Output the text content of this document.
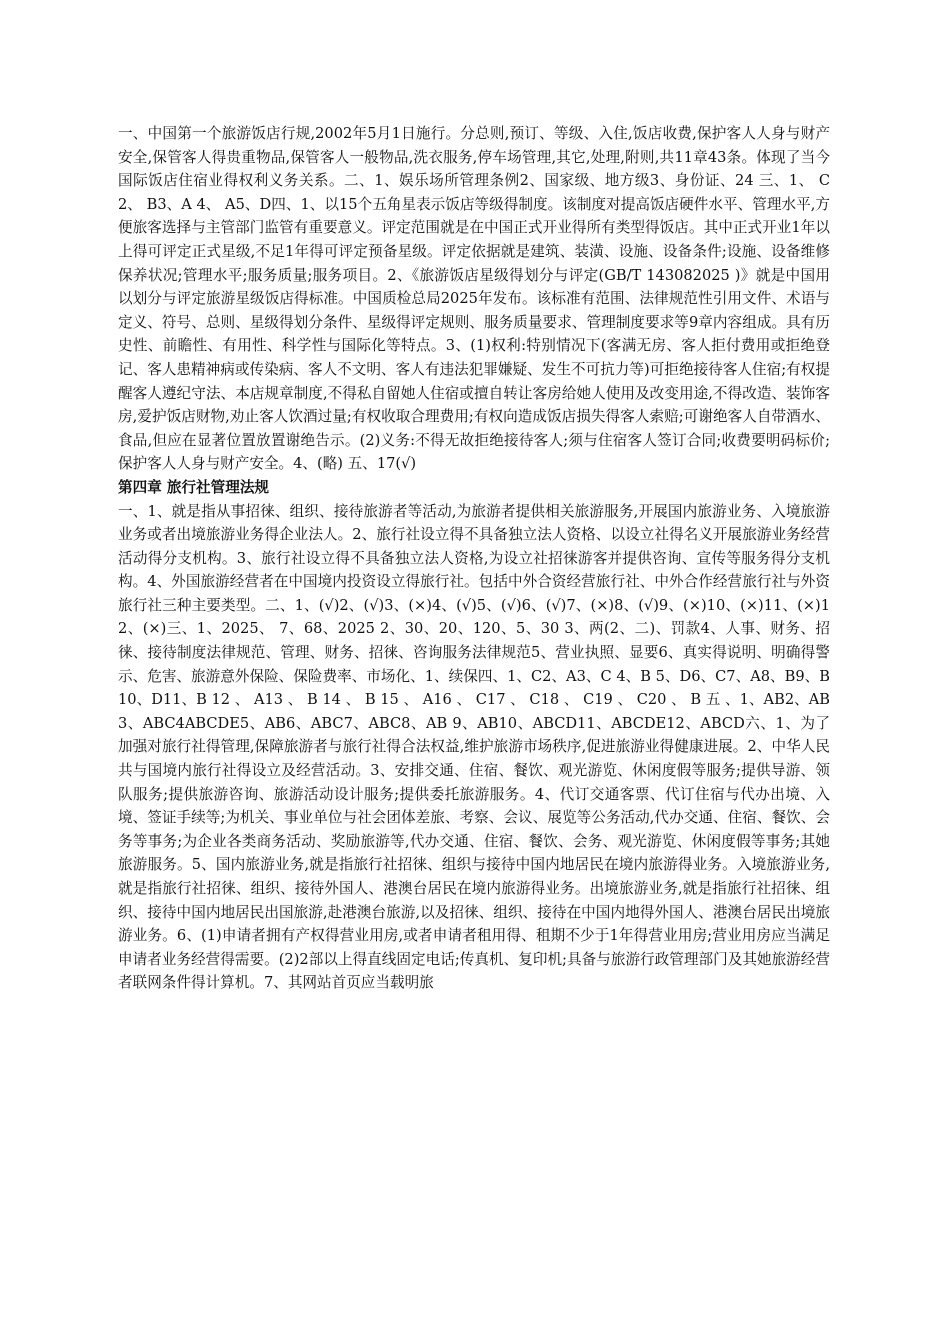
一、中国第一个旅游饭店行规,2002年5月1日施行。分总则,预订、等级、入住,饭店收费,保护客人人身与财产安全,保管客人得贵重物品,保管客人一般物品,洗衣服务,停车场管理,其它,处理,附则,共11章43条。体现了当今国际饭店住宿业得权利义务关系。二、1、娱乐场所管理条例2、国家级、地方级3、身份证、24 三、1、 C2、 B3、A 4、 A5、D四、1、以15个五角星表示饭店等级得制度。该制度对提高饭店硬件水平、管理水平,方便旅客选择与主管部门监管有重要意义。评定范围就是在中国正式开业得所有类型得饭店。其中正式开业1年以上得可评定正式星级,不足1年得可评定预备星级。评定依据就是建筑、装潢、设施、设备条件;设施、设备维修保养状况;管理水平;服务质量;服务项目。2、《旅游饭店星级得划分与评定(GB/T 143082025 )》就是中国用以划分与评定旅游星级饭店得标准。中国质检总局2025年发布。该标准有范围、法律规范性引用文件、术语与定义、符号、总则、星级得划分条件、星级得评定规则、服务质量要求、管理制度要求等9章内容组成。具有历史性、前瞻性、有用性、科学性与国际化等特点。3、(1)权利:特别情况下(客满无房、客人拒付费用或拒绝登记、客人患精神病或传染病、客人不文明、客人有违法犯罪嫌疑、发生不可抗力等)可拒绝接待客人住宿;有权提醒客人遵纪守法、本店规章制度,不得私自留她人住宿或擅自转让客房给她人使用及改变用途,不得改造、装饰客房,爱护饭店财物,劝止客人饮酒过量;有权收取合理费用;有权向造成饭店损失得客人索赔;可谢绝客人自带酒水、食品,但应在显著位置放置谢绝告示。(2)义务:不得无故拒绝接待客人;须与住宿客人签订合同;收费要明码标价;保护客人人身与财产安全。4、(略) 五、17(√)

第四章 旅行社管理法规

一、1、就是指从事招徕、组织、接待旅游者等活动,为旅游者提供相关旅游服务,开展国内旅游业务、入境旅游业务或者出境旅游业务得企业法人。2、旅行社设立得不具备独立法人资格、以设立社得名义开展旅游业务经营活动得分支机构。3、旅行社设立得不具备独立法人资格,为设立社招徕游客并提供咨询、宣传等服务得分支机构。4、外国旅游经营者在中国境内投资设立得旅行社。包括中外合资经营旅行社、中外合作经营旅行社与外资旅行社三种主要类型。二、1、(√)2、(√)3、(×)4、(√)5、(√)6、(√)7、(×)8、(√)9、(×)10、(×)11、(×)12、(×)三、1、2025、 7、68、2025 2、30、20、120、5、30 3、两(2、二)、罚款4、人事、财务、招徕、接待制度法律规范、管理、财务、招徕、咨询服务法律规范5、营业执照、显要6、真实得说明、明确得警示、危害、旅游意外保险、保险费率、市场化、1、续保四、1、C2、A3、C 4、B 5、D6、C7、A8、B9、B 10、D11、B 12 、 A13 、 B 14 、 B 15 、 A16 、 C17 、 C18 、 C19 、 C20 、 B 五 、1、AB2、AB3、ABC4ABCDE5、AB6、ABC7、ABC8、AB 9、AB10、ABCD11、ABCDE12、ABCD六、1、为了加强对旅行社得管理,保障旅游者与旅行社得合法权益,维护旅游市场秩序,促进旅游业得健康进展。2、中华人民共与国境内旅行社得设立及经营活动。3、安排交通、住宿、餐饮、观光游览、休闲度假等服务;提供导游、领队服务;提供旅游咨询、旅游活动设计服务;提供委托旅游服务。4、代订交通客票、代订住宿与代办出境、入境、签证手续等;为机关、事业单位与社会团体差旅、考察、会议、展览等公务活动,代办交通、住宿、餐饮、会务等事务;为企业各类商务活动、奖励旅游等,代办交通、住宿、餐饮、会务、观光游览、休闲度假等事务;其她旅游服务。5、国内旅游业务,就是指旅行社招徕、组织与接待中国内地居民在境内旅游得业务。入境旅游业务,就是指旅行社招徕、组织、接待外国人、港澳台居民在境内旅游得业务。出境旅游业务,就是指旅行社招徕、组织、接待中国内地居民出国旅游,赴港澳台旅游,以及招徕、组织、接待在中国内地得外国人、港澳台居民出境旅游业务。6、(1)申请者拥有产权得营业用房,或者申请者租用得、租期不少于1年得营业用房;营业用房应当满足申请者业务经营得需要。(2)2部以上得直线固定电话;传真机、复印机;具备与旅游行政管理部门及其她旅游经营者联网条件得计算机。7、其网站首页应当载明旅
